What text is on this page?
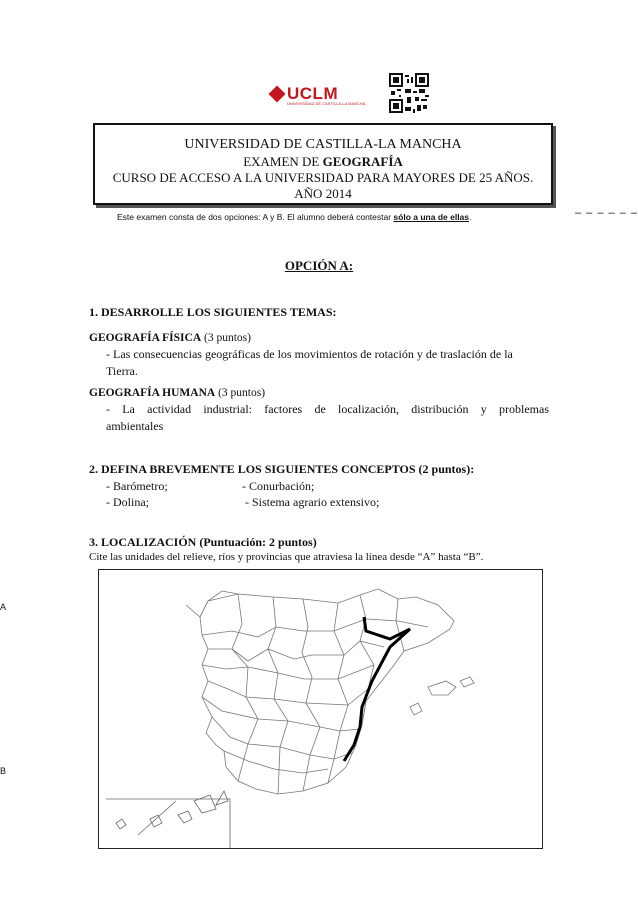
UCLM
UNIVERSIDAD DE CASTILLA-LA MANCHA
UNIVERSIDAD DE CASTILLA-LA MANCHA
EXAMEN DE GEOGRAFÍA
CURSO DE ACCESO A LA UNIVERSIDAD PARA MAYORES DE 25 AÑOS.
AÑO 2014
Este examen consta de dos opciones: A y B. El alumno deberá contestar sólo a una de ellas.	– – – – – –
OPCIÓN A:
1. DESARROLLE LOS SIGUIENTES TEMAS:
GEOGRAFÍA FÍSICA (3 puntos)
- Las consecuencias geográficas de los movimientos de rotación y de traslación de la
Tierra.
GEOGRAFÍA HUMANA (3 puntos)
- La actividad industrial: factores de localización, distribución y problemas
ambientales
2. DEFINA BREVEMENTE LOS SIGUIENTES CONCEPTOS (2 puntos):
- Barómetro;	- Conurbación;
- Dolina;	- Sistema agrario extensivo;
3. LOCALIZACIÓN (Puntuación: 2 puntos)
Cite las unidades del relieve, ríos y provincias que atraviesa la línea desde “A” hasta “B”.
A
B
